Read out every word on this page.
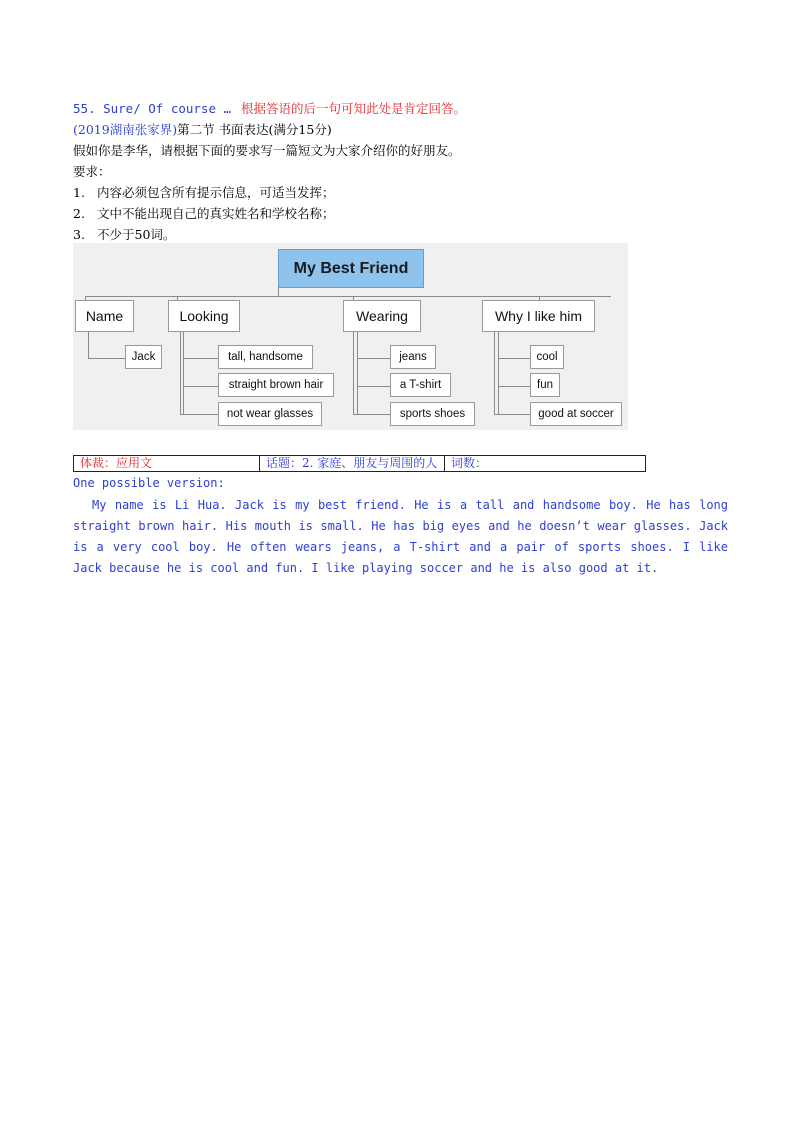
55. Sure/ Of course … 根据答语的后一句可知此处是肯定回答。
(2019湖南张家界)第二节 书面表达(满分15分)
假如你是李华，请根据下面的要求写一篇短文为大家介绍你的好朋友。
要求：
1. 内容必须包含所有提示信息，可适当发挥；
2. 文中不能出现自己的真实姓名和学校名称；
3. 不少于50词。
My Best Friend
Name	Looking	Wearing	Why I like him
Jack	tall, handsome
straight brown hair
not wear glasses
jeans
a T-shirt
sports shoes
cool
fun
good at soccer
体裁：应用文	话题：2. 家庭、朋友与周围的人	词数：
One possible version:

My name is Li Hua. Jack is my best friend. He is a tall and handsome boy. He has long straight brown hair. His mouth is small. He has big eyes and he doesn’t wear glasses. Jack is a very cool boy. He often wears jeans, a T-shirt and a pair of sports shoes. I like Jack because he is cool and fun. I like playing soccer and he is also good at it.
